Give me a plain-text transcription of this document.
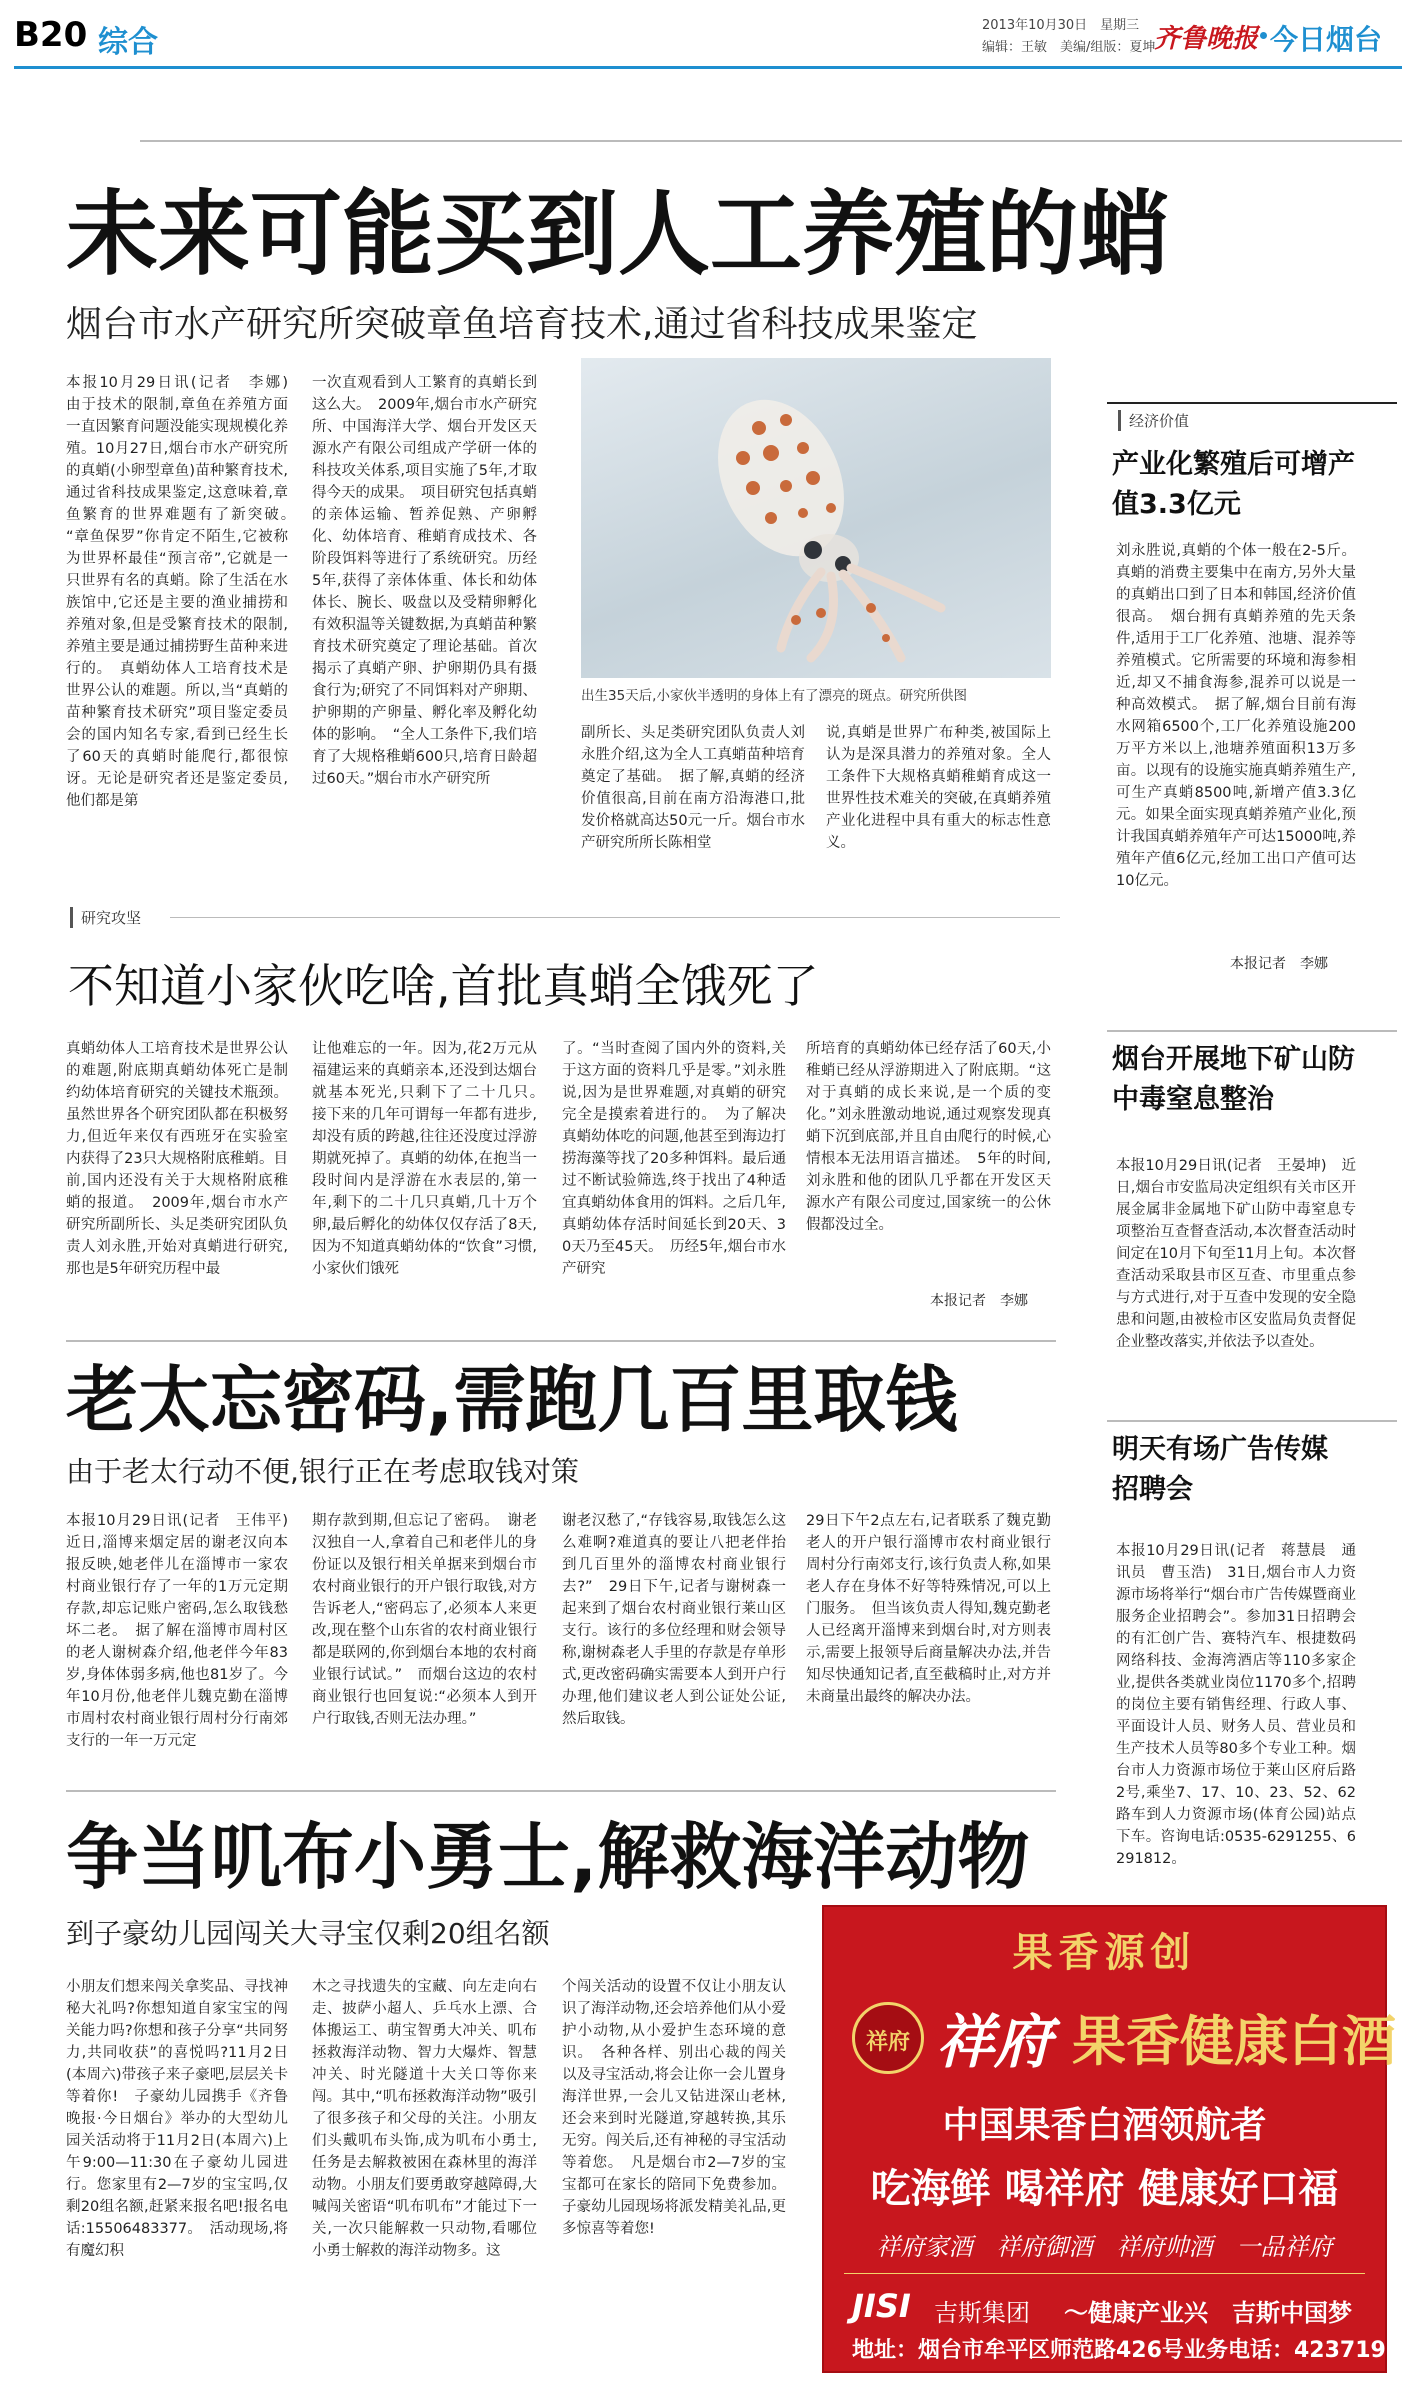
B20 综合	2013年10月30日　星期三
编辑：王敏　美编/组版：夏坤
齐鲁晚报 今日烟台
未来可能买到人工养殖的蛸
烟台市水产研究所突破章鱼培育技术,通过省科技成果鉴定
本报10月29日讯(记者　李娜)　由于技术的限制,章鱼在养殖方面一直因繁育问题没能实现规模化养殖。10月27日,烟台市水产研究所的真蛸(小卵型章鱼)苗种繁育技术,通过省科技成果鉴定,这意味着,章鱼繁育的世界难题有了新突破。　“章鱼保罗”你肯定不陌生,它被称为世界杯最佳“预言帝”,它就是一只世界有名的真蛸。除了生活在水族馆中,它还是主要的渔业捕捞和养殖对象,但是受繁育技术的限制,养殖主要是通过捕捞野生苗种来进行的。　真蛸幼体人工培育技术是世界公认的难题。所以,当“真蛸的苗种繁育技术研究”项目鉴定委员会的国内知名专家,看到已经生长了60天的真蛸时能爬行,都很惊讶。无论是研究者还是鉴定委员,他们都是第
一次直观看到人工繁育的真蛸长到这么大。　2009年,烟台市水产研究所、中国海洋大学、烟台开发区天源水产有限公司组成产学研一体的科技攻关体系,项目实施了5年,才取得今天的成果。　项目研究包括真蛸的亲体运输、暂养促熟、产卵孵化、幼体培育、稚蛸育成技术、各阶段饵料等进行了系统研究。历经5年,获得了亲体体重、体长和幼体体长、腕长、吸盘以及受精卵孵化有效积温等关键数据,为真蛸苗种繁育技术研究奠定了理论基础。首次揭示了真蛸产卵、护卵期仍具有摄食行为;研究了不同饵料对产卵期、护卵期的产卵量、孵化率及孵化幼体的影响。　“全人工条件下,我们培育了大规格稚蛸600只,培育日龄超过60天。”烟台市水产研究所
出生35天后,小家伙半透明的身体上有了漂亮的斑点。研究所供图
副所长、头足类研究团队负责人刘永胜介绍,这为全人工真蛸苗种培育奠定了基础。　据了解,真蛸的经济价值很高,目前在南方沿海港口,批发价格就高达50元一斤。烟台市水产研究所所长陈相堂
说,真蛸是世界广布种类,被国际上认为是深具潜力的养殖对象。全人工条件下大规格真蛸稚蛸育成这一世界性技术难关的突破,在真蛸养殖产业化进程中具有重大的标志性意义。
经济价值
产业化繁殖后可增产值3.3亿元
刘永胜说,真蛸的个体一般在2-5斤。真蛸的消费主要集中在南方,另外大量的真蛸出口到了日本和韩国,经济价值很高。　烟台拥有真蛸养殖的先天条件,适用于工厂化养殖、池塘、混养等养殖模式。它所需要的环境和海参相近,却又不捕食海参,混养可以说是一种高效模式。　据了解,烟台目前有海水网箱6500个,工厂化养殖设施200万平方米以上,池塘养殖面积13万多亩。以现有的设施实施真蛸养殖生产,可生产真蛸8500吨,新增产值3.3亿元。如果全面实现真蛸养殖产业化,预计我国真蛸养殖年产可达15000吨,养殖年产值6亿元,经加工出口产值可达10亿元。
本报记者　李娜
研究攻坚
不知道小家伙吃啥,首批真蛸全饿死了
真蛸幼体人工培育技术是世界公认的难题,附底期真蛸幼体死亡是制约幼体培育研究的关键技术瓶颈。虽然世界各个研究团队都在积极努力,但近年来仅有西班牙在实验室内获得了23只大规格附底稚蛸。目前,国内还没有关于大规格附底稚蛸的报道。　2009年,烟台市水产研究所副所长、头足类研究团队负责人刘永胜,开始对真蛸进行研究,那也是5年研究历程中最
让他难忘的一年。因为,花2万元从福建运来的真蛸亲本,还没到达烟台就基本死光,只剩下了二十几只。　接下来的几年可谓每一年都有进步,却没有质的跨越,往往还没度过浮游期就死掉了。真蛸的幼体,在抱当一段时间内是浮游在水表层的,第一年,剩下的二十几只真蛸,几十万个卵,最后孵化的幼体仅仅存活了8天,因为不知道真蛸幼体的“饮食”习惯,小家伙们饿死
了。“当时查阅了国内外的资料,关于这方面的资料几乎是零。”刘永胜说,因为是世界难题,对真蛸的研究完全是摸索着进行的。　为了解决真蛸幼体吃的问题,他甚至到海边打捞海藻等找了20多种饵料。最后通过不断试验筛选,终于找出了4种适宜真蛸幼体食用的饵料。之后几年,真蛸幼体存活时间延长到20天、30天乃至45天。　历经5年,烟台市水产研究
所培育的真蛸幼体已经存活了60天,小稚蛸已经从浮游期进入了附底期。“这对于真蛸的成长来说,是一个质的变化。”刘永胜激动地说,通过观察发现真蛸下沉到底部,并且自由爬行的时候,心情根本无法用语言描述。　5年的时间,刘永胜和他的团队几乎都在开发区天源水产有限公司度过,国家统一的公休假都没过全。
本报记者　李娜
烟台开展地下矿山防中毒窒息整治
本报10月29日讯(记者　王晏坤)　近日,烟台市安监局决定组织有关市区开展金属非金属地下矿山防中毒窒息专项整治互查督查活动,本次督查活动时间定在10月下旬至11月上旬。本次督查活动采取县市区互查、市里重点参与方式进行,对于互查中发现的安全隐患和问题,由被检市区安监局负责督促企业整改落实,并依法予以查处。
老太忘密码,需跑几百里取钱
由于老太行动不便,银行正在考虑取钱对策
本报10月29日讯(记者　王伟平)　近日,淄博来烟定居的谢老汉向本报反映,她老伴儿在淄博市一家农村商业银行存了一年的1万元定期存款,却忘记账户密码,怎么取钱愁坏二老。　据了解在淄博市周村区的老人谢树森介绍,他老伴今年83岁,身体体弱多病,他也81岁了。今年10月份,他老伴儿魏克勤在淄博市周村农村商业银行周村分行南郊支行的一年一万元定
期存款到期,但忘记了密码。　谢老汉独自一人,拿着自己和老伴儿的身份证以及银行相关单据来到烟台市农村商业银行的开户银行取钱,对方告诉老人,“密码忘了,必须本人来更改,现在整个山东省的农村商业银行都是联网的,你到烟台本地的农村商业银行试试。”　而烟台这边的农村商业银行也回复说:“必须本人到开户行取钱,否则无法办理。”
谢老汉愁了,“存钱容易,取钱怎么这么难啊?难道真的要让八把老伴抬到几百里外的淄博农村商业银行去?”　29日下午,记者与谢树森一起来到了烟台农村商业银行莱山区支行。该行的多位经理和财会领导称,谢树森老人手里的存款是存单形式,更改密码确实需要本人到开户行办理,他们建议老人到公证处公证,然后取钱。
29日下午2点左右,记者联系了魏克勤老人的开户银行淄博市农村商业银行周村分行南郊支行,该行负责人称,如果老人存在身体不好等特殊情况,可以上门服务。　但当该负责人得知,魏克勤老人已经离开淄博来到烟台时,对方则表示,需要上报领导后商量解决办法,并告知尽快通知记者,直至截稿时止,对方并未商量出最终的解决办法。
明天有场广告传媒招聘会
本报10月29日讯(记者　蒋慧晨　通讯员　曹玉浩)　31日,烟台市人力资源市场将举行“烟台市广告传媒暨商业服务企业招聘会”。参加31日招聘会的有汇创广告、赛特汽车、根捷数码网络科技、金海湾酒店等110多家企业,提供各类就业岗位1170多个,招聘的岗位主要有销售经理、行政人事、平面设计人员、财务人员、营业员和生产技术人员等80多个专业工种。烟台市人力资源市场位于莱山区府后路2号,乘坐7、17、10、23、52、62路车到人力资源市场(体育公园)站点下车。咨询电话:0535-6291255、6291812。
争当叽布小勇士,解救海洋动物
到子豪幼儿园闯关大寻宝仅剩20组名额
小朋友们想来闯关拿奖品、寻找神秘大礼吗?你想知道自家宝宝的闯关能力吗?你想和孩子分享“共同努力,共同收获”的喜悦吗?11月2日(本周六)带孩子来子豪吧,层层关卡等着你!　子豪幼儿园携手《齐鲁晚报·今日烟台》举办的大型幼儿园关活动将于11月2日(本周六)上午9:00—11:30在子豪幼儿园进行。您家里有2—7岁的宝宝吗,仅剩20组名额,赶紧来报名吧!报名电话:15506483377。　活动现场,将有魔幻积
木之寻找遗失的宝藏、向左走向右走、披萨小超人、乒乓水上漂、合体搬运工、萌宝智勇大冲关、叽布拯救海洋动物、智力大爆炸、智慧冲关、时光隧道十大关口等你来闯。其中,“叽布拯救海洋动物”吸引了很多孩子和父母的关注。小朋友们头戴叽布头饰,成为叽布小勇士,任务是去解救被困在森林里的海洋动物。小朋友们要勇敢穿越障碍,大喊闯关密语“叽布叽布”才能过下一关,一次只能解救一只动物,看哪位小勇士解救的海洋动物多。这
个闯关活动的设置不仅让小朋友认识了海洋动物,还会培养他们从小爱护小动物,从小爱护生态环境的意识。　各种各样、别出心裁的闯关以及寻宝活动,将会让你一会儿置身海洋世界,一会儿又钻进深山老林,还会来到时光隧道,穿越转换,其乐无穷。闯关后,还有神秘的寻宝活动等着您。　凡是烟台市2—7岁的宝宝都可在家长的陪同下免费参加。子豪幼儿园现场将派发精美礼品,更多惊喜等着您!
果香源创
祥府 祥府 果香健康白酒
中国果香白酒领航者
吃海鲜 喝祥府 健康好口福
祥府家酒　祥府御酒　祥府帅酒　一品祥府
JISI 吉斯集团 ～健康产业兴　吉斯中国梦
地址：烟台市牟平区师范路426号 业务电话：4237199
